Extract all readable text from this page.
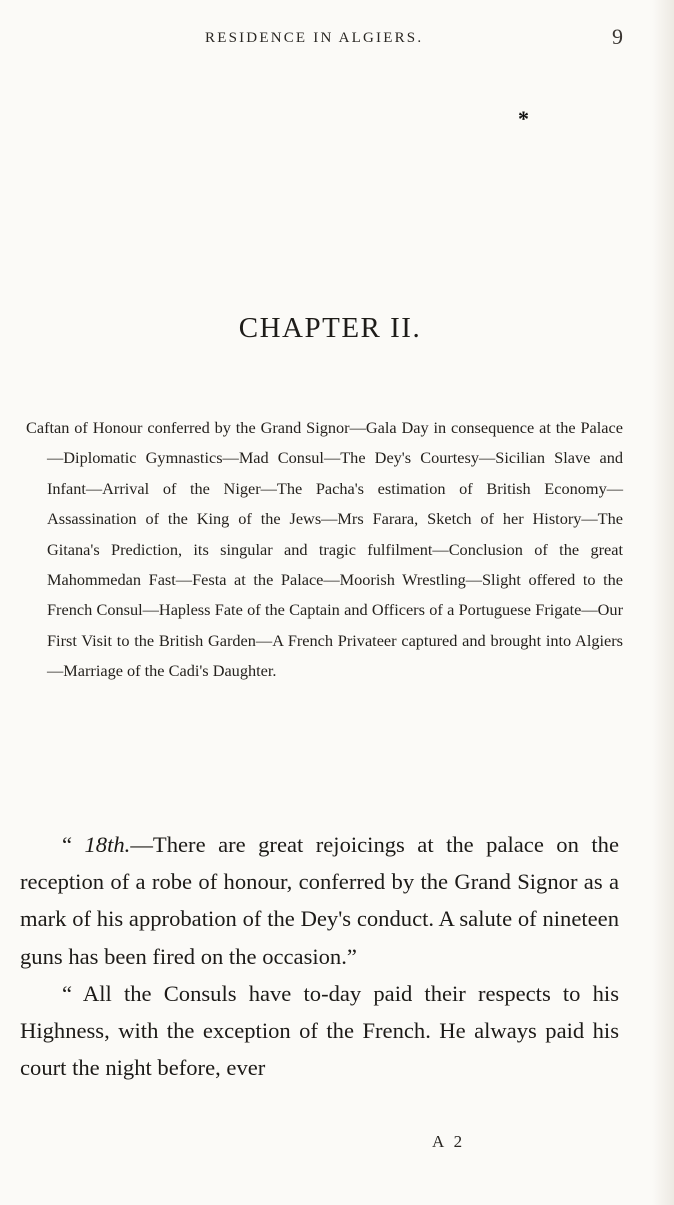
RESIDENCE IN ALGIERS.	9
*
CHAPTER II.
Caftan of Honour conferred by the Grand Signor—Gala Day in consequence at the Palace—Diplomatic Gymnastics—Mad Consul—The Dey's Courtesy—Sicilian Slave and Infant—Arrival of the Niger—The Pacha's estimation of British Economy—Assassination of the King of the Jews—Mrs Farara, Sketch of her History—The Gitana's Prediction, its singular and tragic fulfilment—Conclusion of the great Mahommedan Fast—Festa at the Palace—Moorish Wrestling—Slight offered to the French Consul—Hapless Fate of the Captain and Officers of a Portuguese Frigate—Our First Visit to the British Garden—A French Privateer captured and brought into Algiers—Marriage of the Cadi's Daughter.

“ 18th.—There are great rejoicings at the palace on the reception of a robe of honour, conferred by the Grand Signor as a mark of his approbation of the Dey's conduct. A salute of nineteen guns has been fired on the occasion.”

“ All the Consuls have to-day paid their respects to his Highness, with the exception of the French. He always paid his court the night before, ever

A 2
